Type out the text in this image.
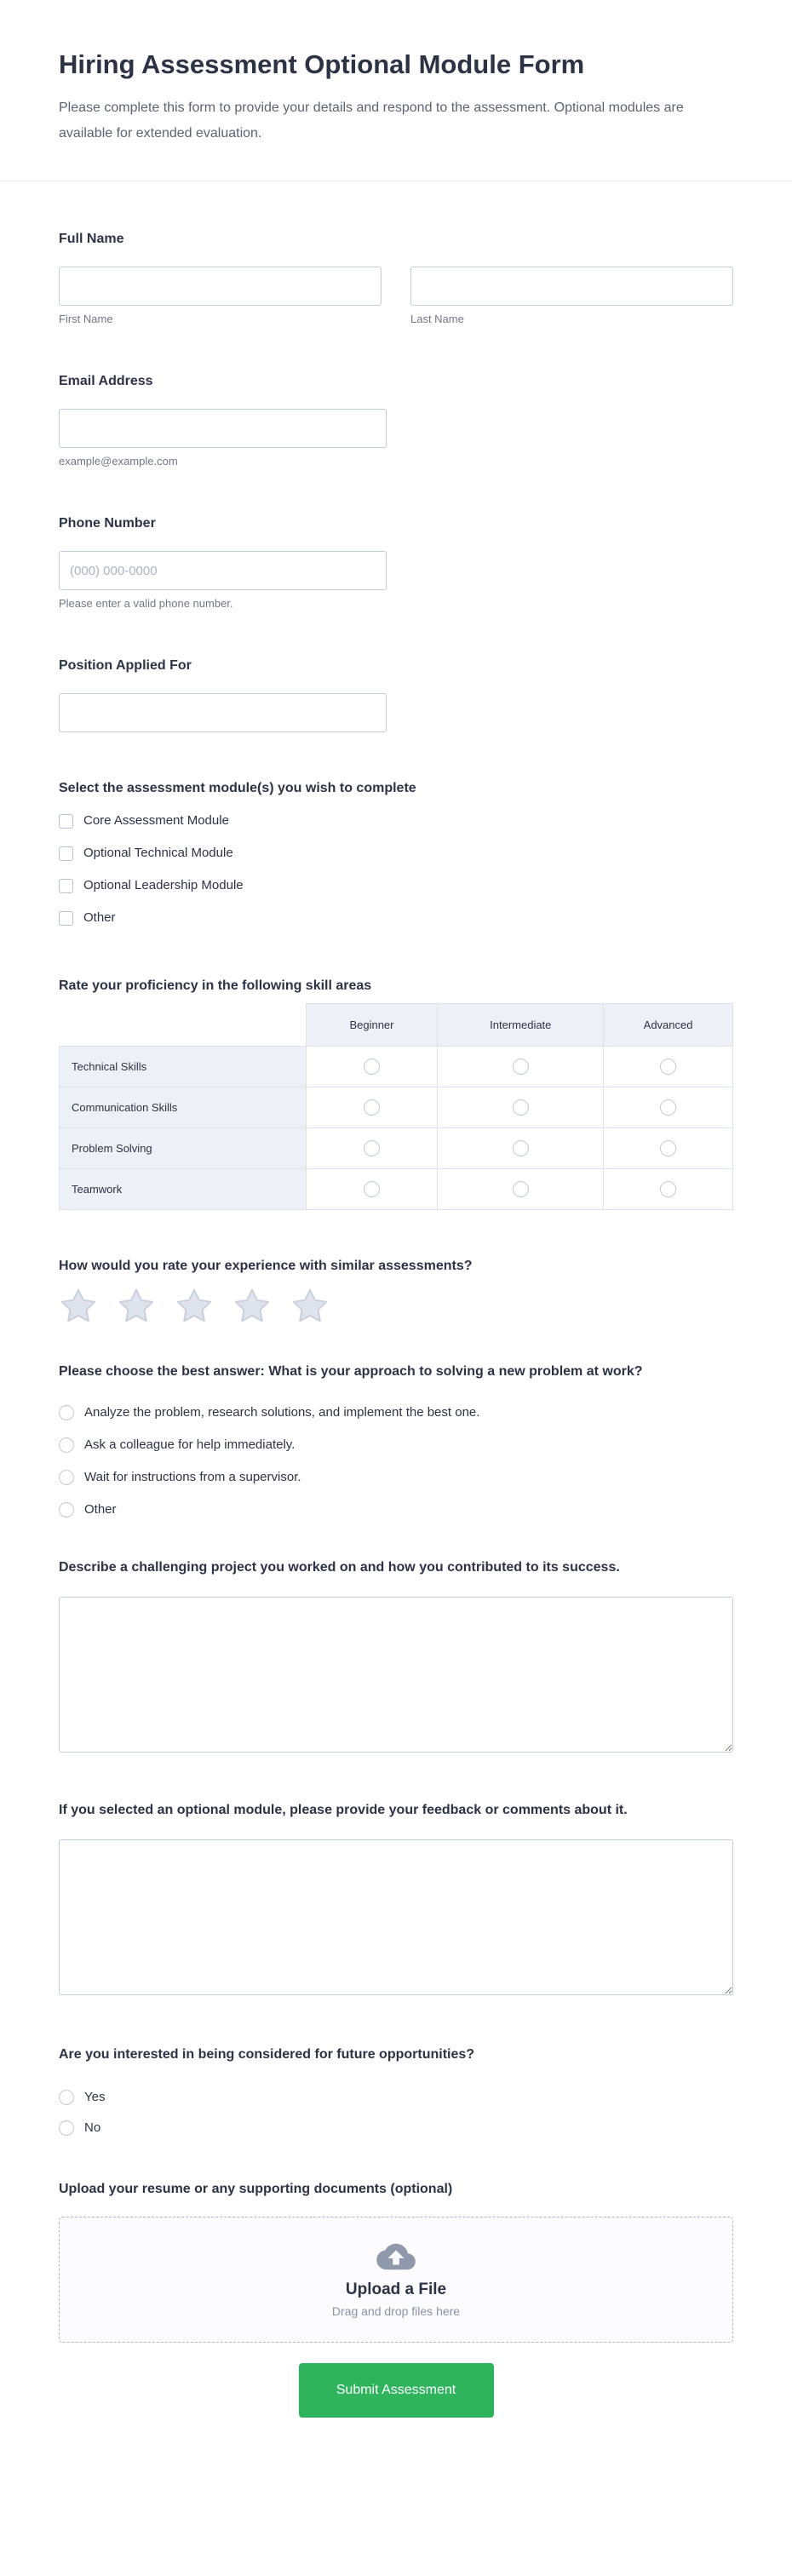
Hiring Assessment Optional Module Form

Please complete this form to provide your details and respond to the assessment. Optional modules are available for extended evaluation.

Full Name
First Name	Last Name
Email Address
example@example.com
Phone Number
(000) 000-0000
Please enter a valid phone number.
Position Applied For
Select the assessment module(s) you wish to complete
Core Assessment Module
Optional Technical Module
Optional Leadership Module
Other
Rate your proficiency in the following skill areas
	Beginner	Intermediate	Advanced
Technical Skills			
Communication Skills			
Problem Solving			
Teamwork			
How would you rate your experience with similar assessments?
Please choose the best answer: What is your approach to solving a new problem at work?
Analyze the problem, research solutions, and implement the best one.
Ask a colleague for help immediately.
Wait for instructions from a supervisor.
Other
Describe a challenging project you worked on and how you contributed to its success.
If you selected an optional module, please provide your feedback or comments about it.
Are you interested in being considered for future opportunities?
Yes
No
Upload your resume or any supporting documents (optional)
Upload a File
Drag and drop files here
Submit Assessment
